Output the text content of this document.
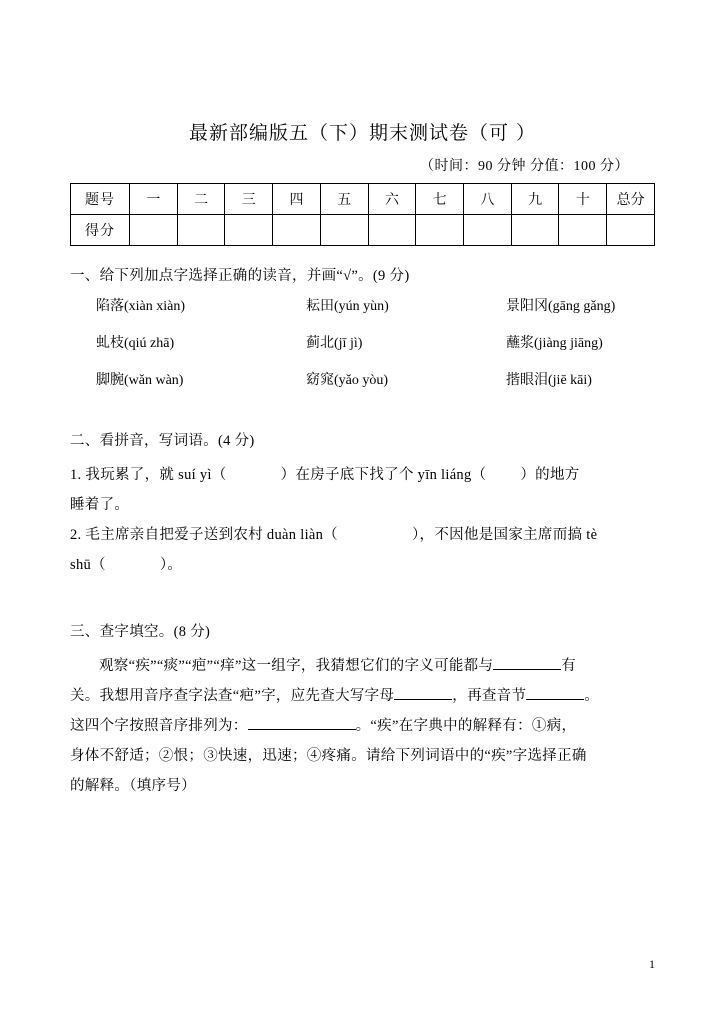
最新部编版五（下）期末测试卷（可 ）
（时间：90 分钟 分值：100 分）
题号	一	二	三	四	五	六	七	八	九	十	总分
得分											
一、给下列加点字选择正确的读音，并画“√”。(9 分)
陷落(xiàn xiàn)	耘田(yún yùn)	景阳冈(gāng gǎng)
虬枝(qiú zhā)	蓟北(jī jì)	蘸浆(jiàng jiāng)
脚腕(wǎn wàn)	窈窕(yǎo yòu)	揩眼泪(jiē kāi)
二、看拼音，写词语。(4 分)

1. 我玩累了，就 suí yì（	）在房子底下找了个 yīn liáng（ ）的地方

睡着了。

2. 毛主席亲自把爱子送到农村 duàn liàn（	），不因他是国家主席而搞 tè

shū（	）。

三、查字填空。(8 分)

观察“疾”“痰”“疤”“痒”这一组字，我猜想它们的字义可能都与	有

关。我想用音序查字法查“疤”字，应先查大写字母	，再查音节	。

这四个字按照音序排列为：	。“疾”在字典中的解释有：①病，

身体不舒适；②恨；③快速，迅速；④疼痛。请给下列词语中的“疾”字选择正确

的解释。（填序号）

1
